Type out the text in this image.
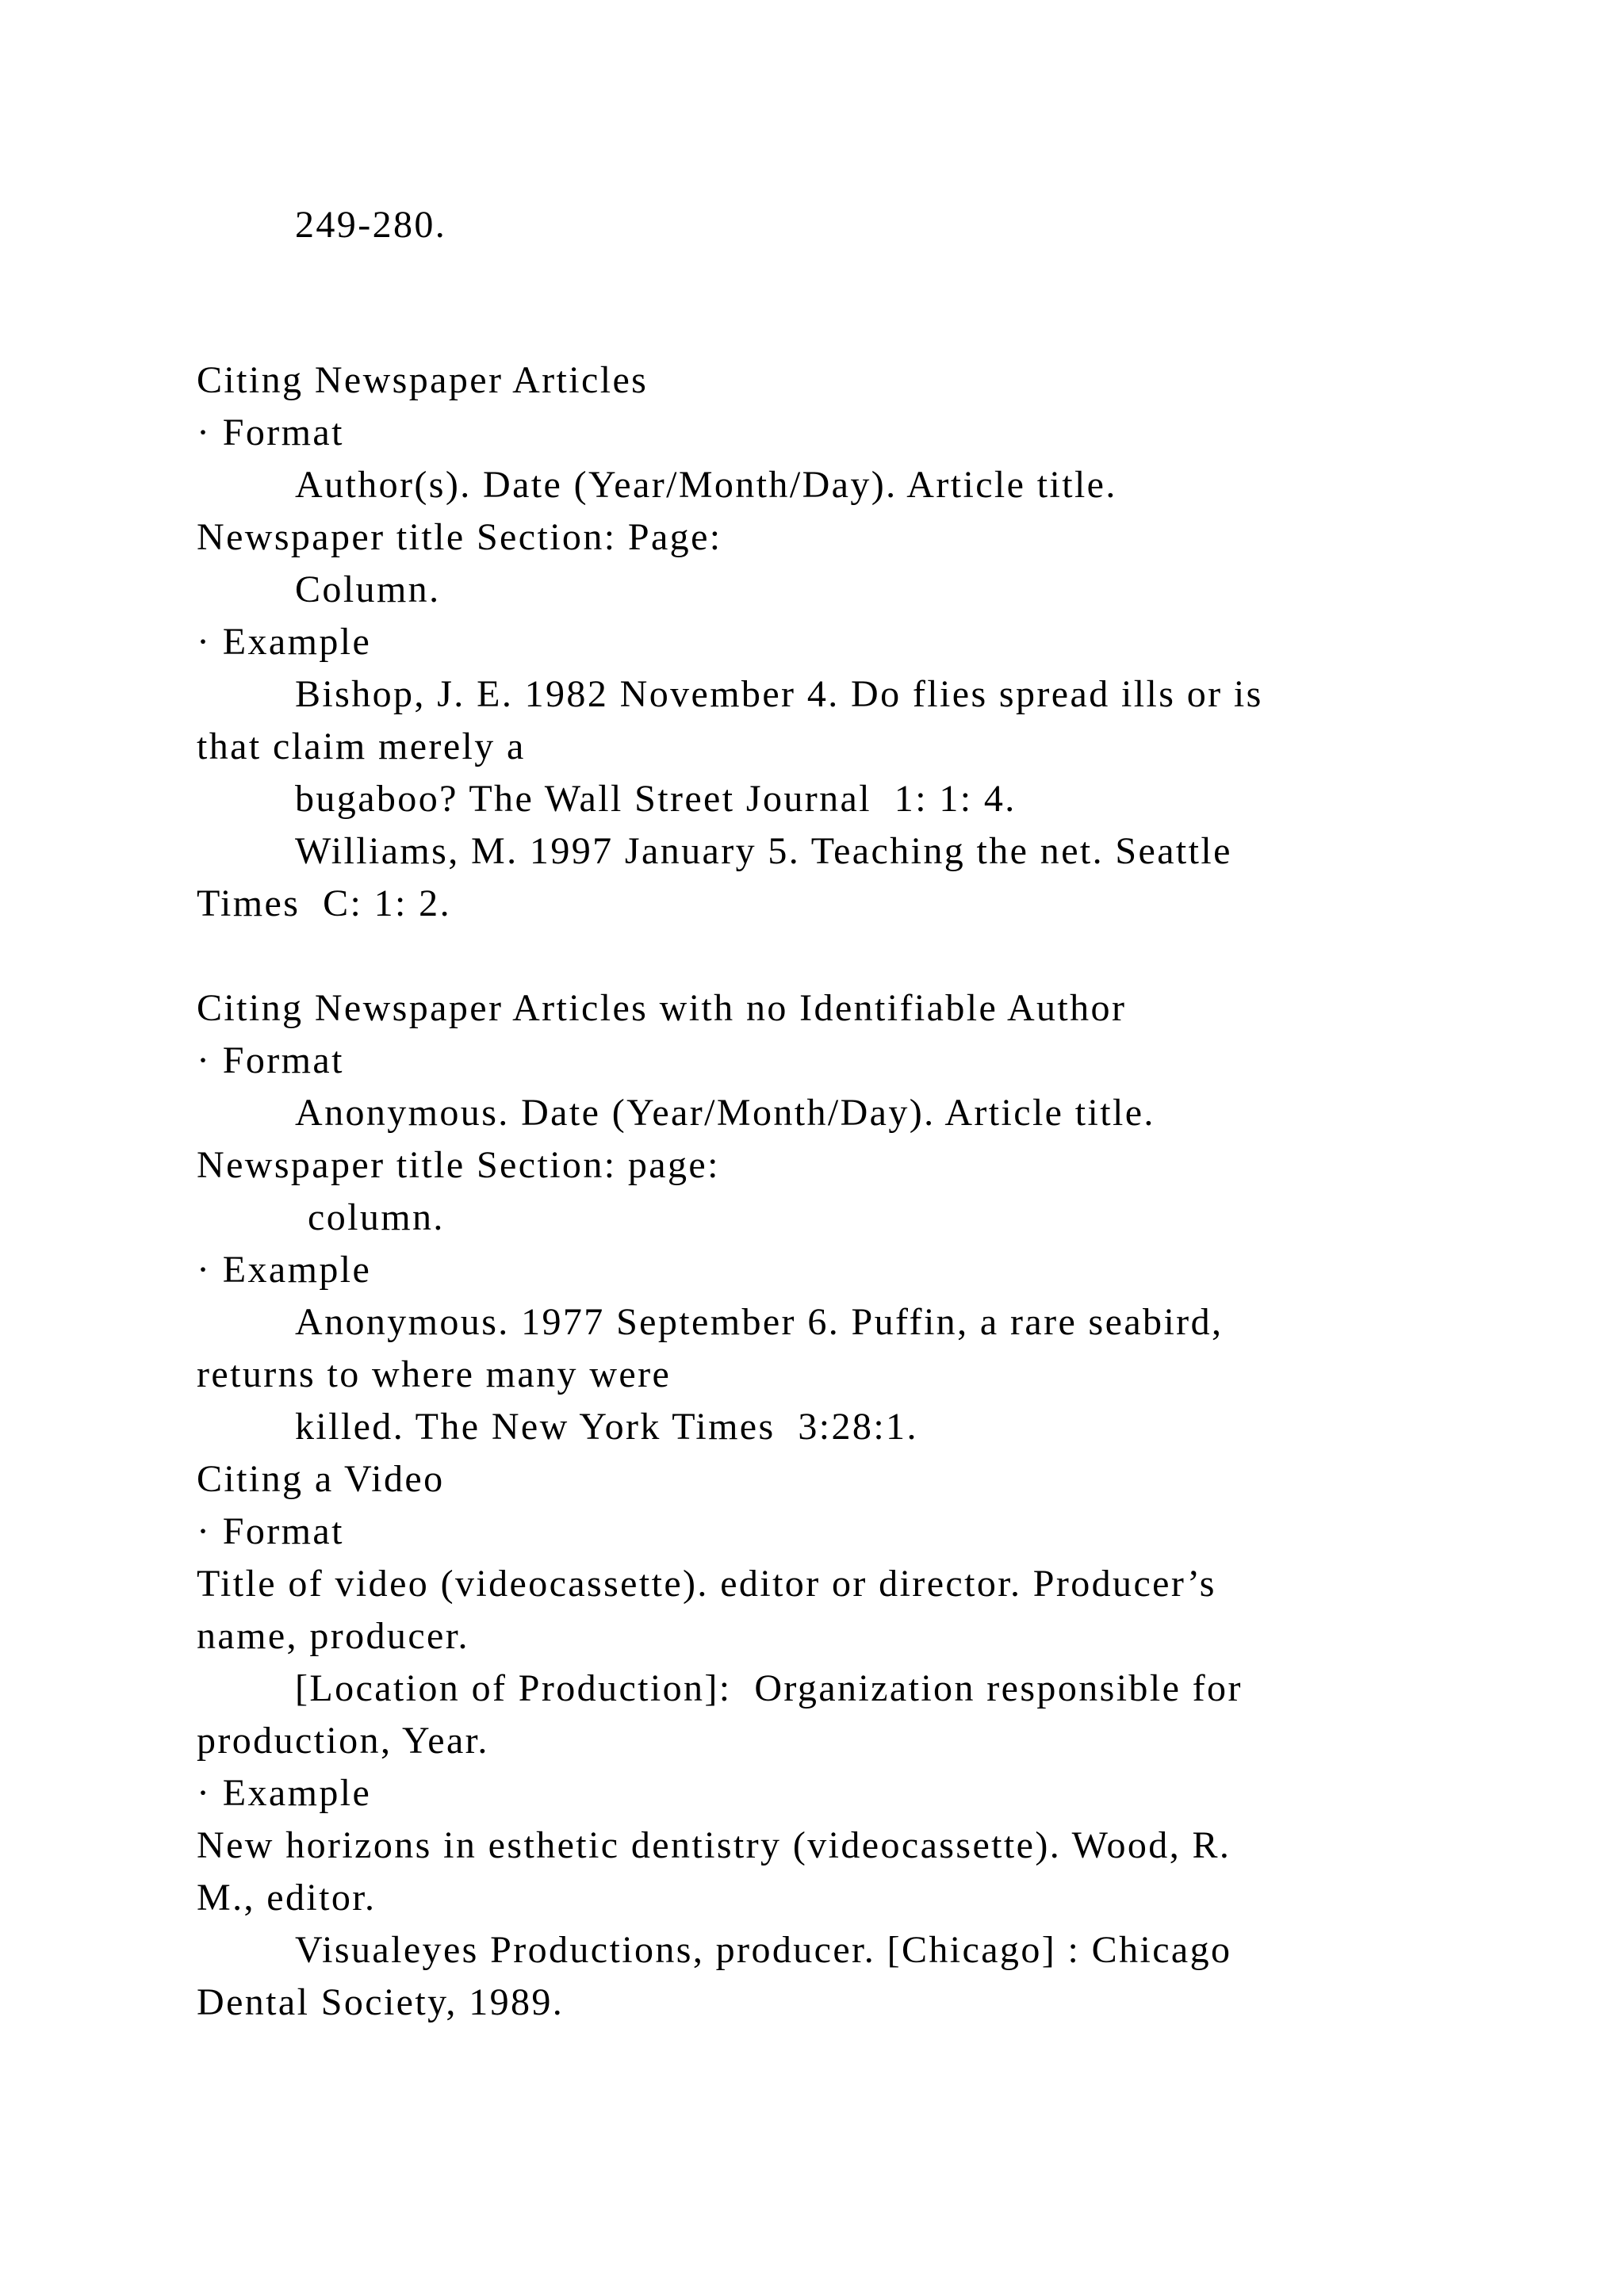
249-280.
Citing Newspaper Articles
· Format
Author(s). Date (Year/Month/Day). Article title.
Newspaper title Section: Page:
Column.
· Example
Bishop, J. E. 1982 November 4. Do flies spread ills or is
that claim merely a
bugaboo? The Wall Street Journal  1: 1: 4.
Williams, M. 1997 January 5. Teaching the net. Seattle
Times  C: 1: 2.
Citing Newspaper Articles with no Identifiable Author
· Format
Anonymous. Date (Year/Month/Day). Article title.
Newspaper title Section: page:
column.
· Example
Anonymous. 1977 September 6. Puffin, a rare seabird,
returns to where many were
killed. The New York Times  3:28:1.
Citing a Video
· Format
Title of video (videocassette). editor or director. Producer’s
name, producer.
[Location of Production]:  Organization responsible for
production, Year.
· Example
New horizons in esthetic dentistry (videocassette). Wood, R.
M., editor.
Visualeyes Productions, producer. [Chicago] : Chicago
Dental Society, 1989.
